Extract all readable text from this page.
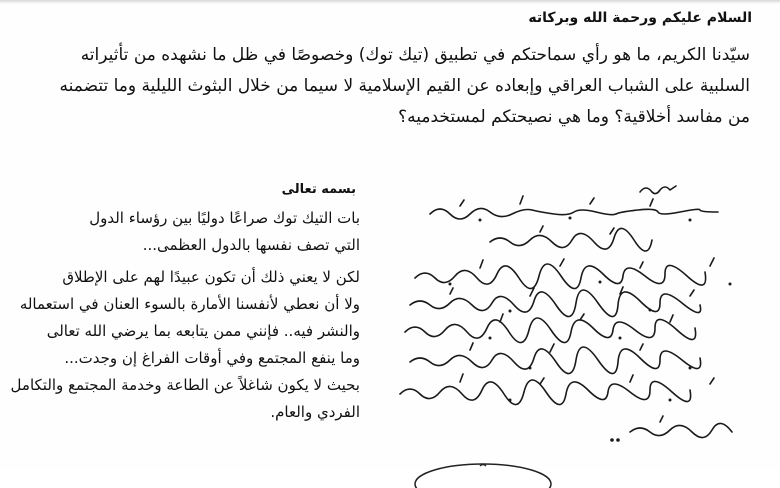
السلام عليكم ورحمة الله وبركاته
سيّدنا الكريم، ما هو رأي سماحتكم في تطبيق (تيك توك) وخصوصًا في ظل ما نشهده من تأثيراته
السلبية على الشباب العراقي وإبعاده عن القيم الإسلامية لا سيما من خلال البثوث الليلية وما تتضمنه
من مفاسد أخلاقية؟ وما هي نصيحتكم لمستخدميه؟
بسمه تعالى
بات التيك توك صراعًا دوليًا بين رؤساء الدول
التي تصف نفسها بالدول العظمى...
لكن لا يعني ذلك أن تكون عبيدًا لهم على الإطلاق
ولا أن نعطي لأنفسنا الأمارة بالسوء العنان في استعماله
والنشر فيه.. فإنني ممن يتابعه بما يرضي الله تعالى
وما ينفع المجتمع وفي أوقات الفراغ إن وجدت...
بحيث لا يكون شاغلاً عن الطاعة وخدمة المجتمع والتكامل
الفردي والعام.
